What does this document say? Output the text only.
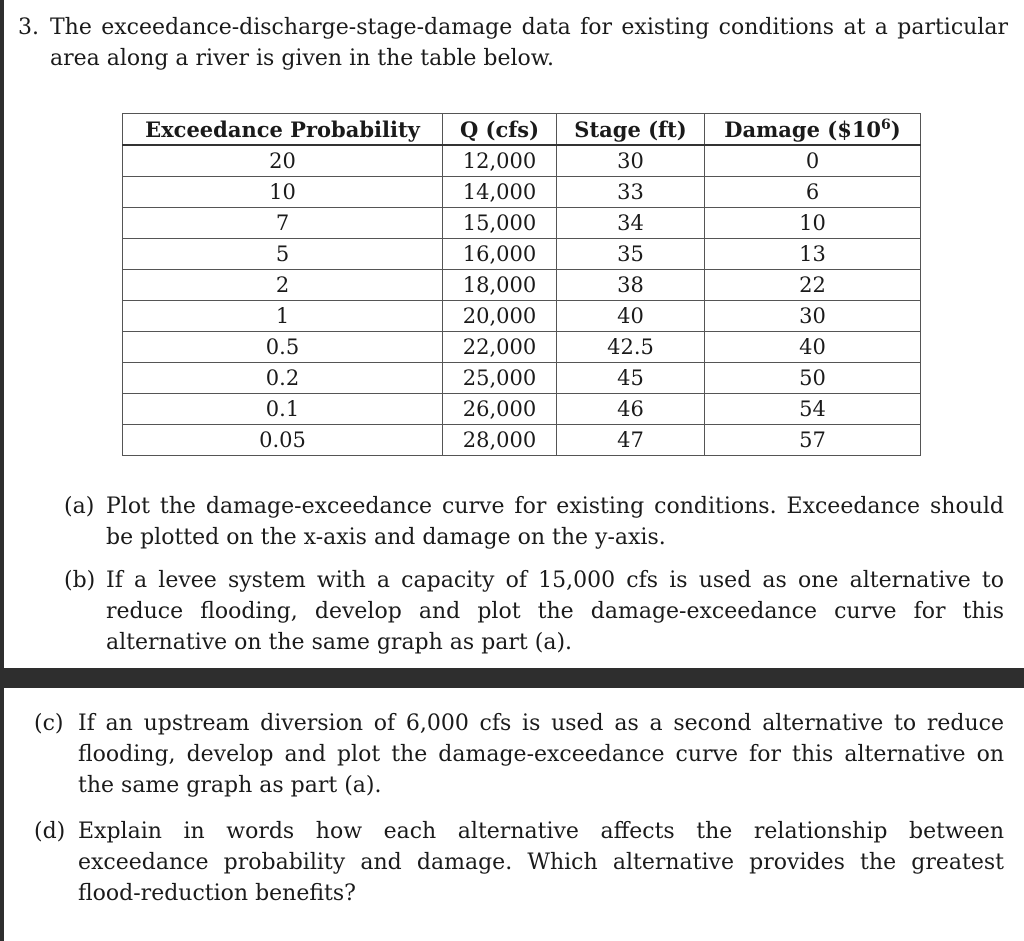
3. The exceedance-discharge-stage-damage data for existing conditions at a particular area along a river is given in the table below.
Exceedance Probability	Q (cfs)	Stage (ft)	Damage $(\$10^6)$
20	12,000	30	0
10	14,000	33	6
7	15,000	34	10
5	16,000	35	13
2	18,000	38	22
1	20,000	40	30
0.5	22,000	42.5	40
0.2	25,000	45	50
0.1	26,000	46	54
0.05	28,000	47	57
(a) Plot the damage-exceedance curve for existing conditions. Exceedance should be plotted on the x-axis and damage on the y-axis.
(b) If a levee system with a capacity of 15,000 cfs is used as one alternative to reduce flooding, develop and plot the damage-exceedance curve for this alternative on the same graph as part (a).
(c) If an upstream diversion of 6,000 cfs is used as a second alternative to reduce flooding, develop and plot the damage-exceedance curve for this alternative on the same graph as part (a).
(d) Explain in words how each alternative affects the relationship between exceedance probability and damage. Which alternative provides the greatest flood-reduction benefits?
